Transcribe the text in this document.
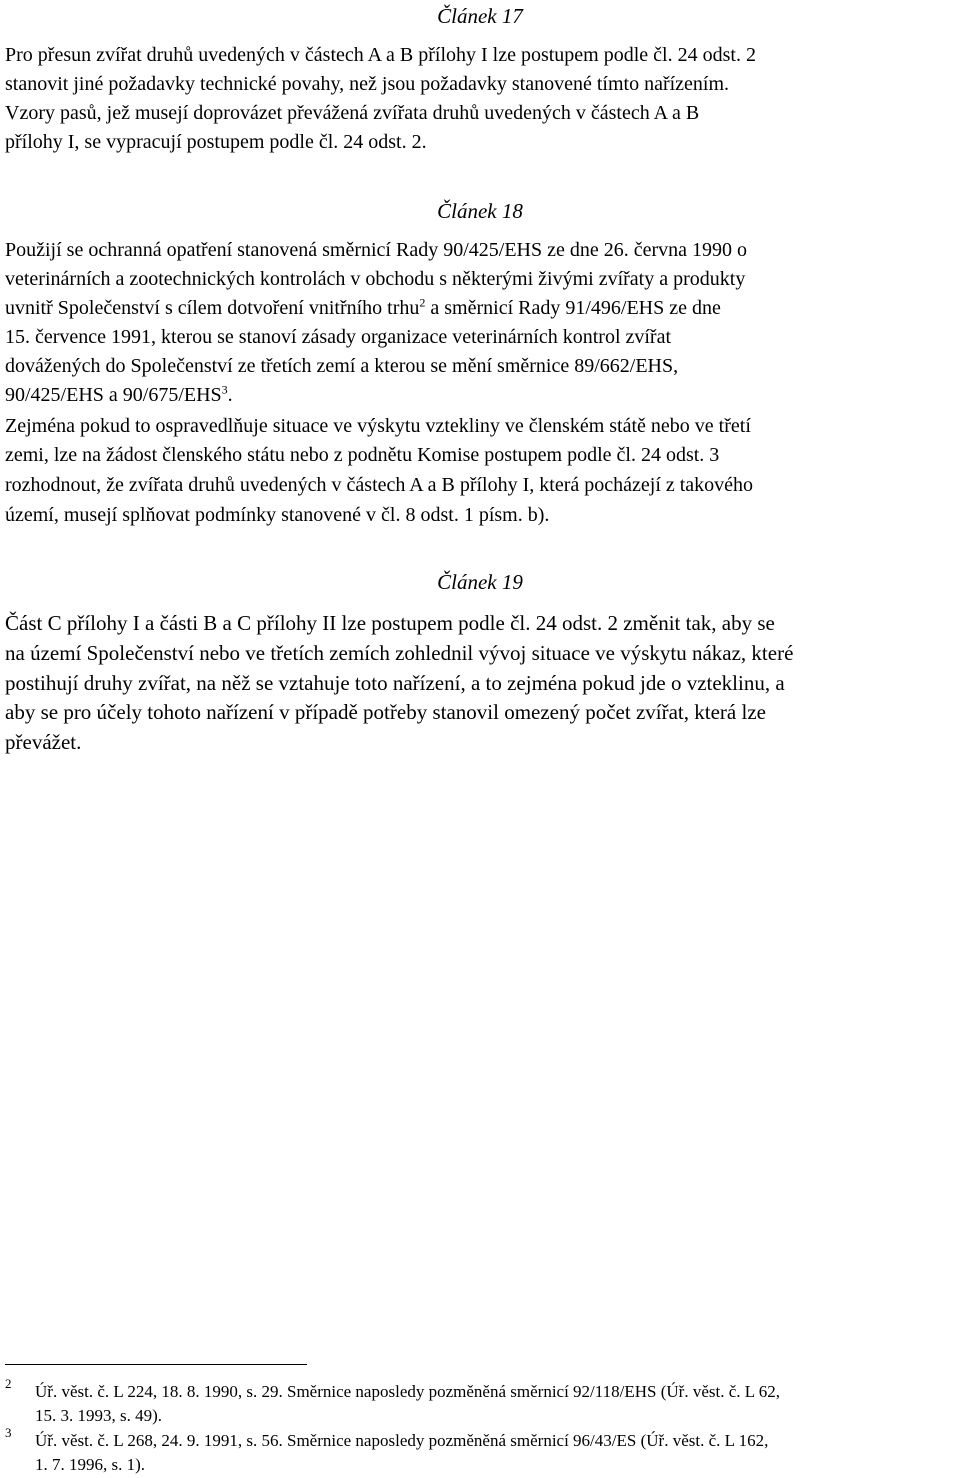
Článek 17

Pro přesun zvířat druhů uvedených v částech A a B přílohy I lze postupem podle čl. 24 odst. 2

stanovit jiné požadavky technické povahy, než jsou požadavky stanovené tímto nařízením.

Vzory pasů, jež musejí doprovázet převážená zvířata druhů uvedených v částech A a B

přílohy I, se vypracují postupem podle čl. 24 odst. 2.

Článek 18

Použijí se ochranná opatření stanovená směrnicí Rady 90/425/EHS ze dne 26. června 1990 o

veterinárních a zootechnických kontrolách v obchodu s některými živými zvířaty a produkty

uvnitř Společenství s cílem dotvoření vnitřního trhu$^2$ a směrnicí Rady 91/496/EHS ze dne

15. července 1991, kterou se stanoví zásady organizace veterinárních kontrol zvířat

dovážených do Společenství ze třetích zemí a kterou se mění směrnice 89/662/EHS,

90/425/EHS a 90/675/EHS$^3$.

Zejména pokud to ospravedlňuje situace ve výskytu vztekliny ve členském státě nebo ve třetí

zemi, lze na žádost členského státu nebo z podnětu Komise postupem podle čl. 24 odst. 3

rozhodnout, že zvířata druhů uvedených v částech A a B přílohy I, která pocházejí z takového

území, musejí splňovat podmínky stanovené v čl. 8 odst. 1 písm. b).

Článek 19

Část C přílohy I a části B a C přílohy II lze postupem podle čl. 24 odst. 2 změnit tak, aby se

na území Společenství nebo ve třetích zemích zohlednil vývoj situace ve výskytu nákaz, které

postihují druhy zvířat, na něž se vztahuje toto nařízení, a to zejména pokud jde o vzteklinu, a

aby se pro účely tohoto nařízení v případě potřeby stanovil omezený počet zvířat, která lze

převážet.

2 Úř. věst. č. L 224, 18. 8. 1990, s. 29. Směrnice naposledy pozměněná směrnicí 92/118/EHS (Úř. věst. č. L 62,
15. 3. 1993, s. 49).
3 Úř. věst. č. L 268, 24. 9. 1991, s. 56. Směrnice naposledy pozměněná směrnicí 96/43/ES (Úř. věst. č. L 162,
1. 7. 1996, s. 1).
